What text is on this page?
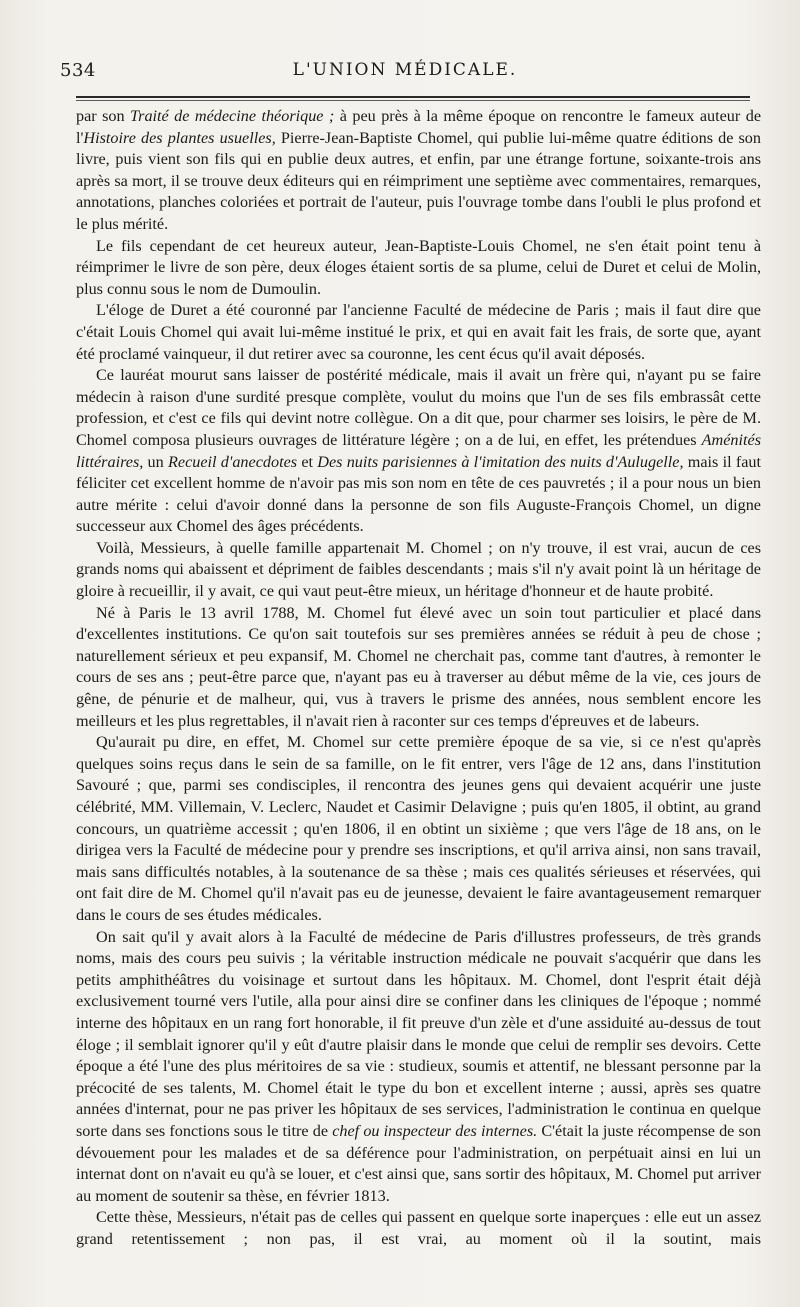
534	L'UNION MÉDICALE.

par son Traité de médecine théorique ; à peu près à la même époque on rencontre le fameux auteur de l'Histoire des plantes usuelles, Pierre-Jean-Baptiste Chomel, qui publie lui-même quatre éditions de son livre, puis vient son fils qui en publie deux autres, et enfin, par une étrange fortune, soixante-trois ans après sa mort, il se trouve deux éditeurs qui en réimpriment une septième avec commentaires, remarques, annotations, planches coloriées et portrait de l'auteur, puis l'ouvrage tombe dans l'oubli le plus profond et le plus mérité.

Le fils cependant de cet heureux auteur, Jean-Baptiste-Louis Chomel, ne s'en était point tenu à réimprimer le livre de son père, deux éloges étaient sortis de sa plume, celui de Duret et celui de Molin, plus connu sous le nom de Dumoulin.

L'éloge de Duret a été couronné par l'ancienne Faculté de médecine de Paris ; mais il faut dire que c'était Louis Chomel qui avait lui-même institué le prix, et qui en avait fait les frais, de sorte que, ayant été proclamé vainqueur, il dut retirer avec sa couronne, les cent écus qu'il avait déposés.

Ce lauréat mourut sans laisser de postérité médicale, mais il avait un frère qui, n'ayant pu se faire médecin à raison d'une surdité presque complète, voulut du moins que l'un de ses fils embrassât cette profession, et c'est ce fils qui devint notre collègue. On a dit que, pour charmer ses loisirs, le père de M. Chomel composa plusieurs ouvrages de littérature légère ; on a de lui, en effet, les prétendues Aménités littéraires, un Recueil d'anecdotes et Des nuits parisiennes à l'imitation des nuits d'Aulugelle, mais il faut féliciter cet excellent homme de n'avoir pas mis son nom en tête de ces pauvretés ; il a pour nous un bien autre mérite : celui d'avoir donné dans la personne de son fils Auguste-François Chomel, un digne successeur aux Chomel des âges précédents.

Voilà, Messieurs, à quelle famille appartenait M. Chomel ; on n'y trouve, il est vrai, aucun de ces grands noms qui abaissent et dépriment de faibles descendants ; mais s'il n'y avait point là un héritage de gloire à recueillir, il y avait, ce qui vaut peut-être mieux, un héritage d'honneur et de haute probité.

Né à Paris le 13 avril 1788, M. Chomel fut élevé avec un soin tout particulier et placé dans d'excellentes institutions. Ce qu'on sait toutefois sur ses premières années se réduit à peu de chose ; naturellement sérieux et peu expansif, M. Chomel ne cherchait pas, comme tant d'autres, à remonter le cours de ses ans ; peut-être parce que, n'ayant pas eu à traverser au début même de la vie, ces jours de gêne, de pénurie et de malheur, qui, vus à travers le prisme des années, nous semblent encore les meilleurs et les plus regrettables, il n'avait rien à raconter sur ces temps d'épreuves et de labeurs.

Qu'aurait pu dire, en effet, M. Chomel sur cette première époque de sa vie, si ce n'est qu'après quelques soins reçus dans le sein de sa famille, on le fit entrer, vers l'âge de 12 ans, dans l'institution Savouré ; que, parmi ses condisciples, il rencontra des jeunes gens qui devaient acquérir une juste célébrité, MM. Villemain, V. Leclerc, Naudet et Casimir Delavigne ; puis qu'en 1805, il obtint, au grand concours, un quatrième accessit ; qu'en 1806, il en obtint un sixième ; que vers l'âge de 18 ans, on le dirigea vers la Faculté de médecine pour y prendre ses inscriptions, et qu'il arriva ainsi, non sans travail, mais sans difficultés notables, à la soutenance de sa thèse ; mais ces qualités sérieuses et réservées, qui ont fait dire de M. Chomel qu'il n'avait pas eu de jeunesse, devaient le faire avantageusement remarquer dans le cours de ses études médicales.

On sait qu'il y avait alors à la Faculté de médecine de Paris d'illustres professeurs, de très grands noms, mais des cours peu suivis ; la véritable instruction médicale ne pouvait s'acquérir que dans les petits amphithéâtres du voisinage et surtout dans les hôpitaux. M. Chomel, dont l'esprit était déjà exclusivement tourné vers l'utile, alla pour ainsi dire se confiner dans les cliniques de l'époque ; nommé interne des hôpitaux en un rang fort honorable, il fit preuve d'un zèle et d'une assiduité au-dessus de tout éloge ; il semblait ignorer qu'il y eût d'autre plaisir dans le monde que celui de remplir ses devoirs. Cette époque a été l'une des plus méritoires de sa vie : studieux, soumis et attentif, ne blessant personne par la précocité de ses talents, M. Chomel était le type du bon et excellent interne ; aussi, après ses quatre années d'internat, pour ne pas priver les hôpitaux de ses services, l'administration le continua en quelque sorte dans ses fonctions sous le titre de chef ou inspecteur des internes. C'était la juste récompense de son dévouement pour les malades et de sa déférence pour l'administration, on perpétuait ainsi en lui un internat dont on n'avait eu qu'à se louer, et c'est ainsi que, sans sortir des hôpitaux, M. Chomel put arriver au moment de soutenir sa thèse, en février 1813.

Cette thèse, Messieurs, n'était pas de celles qui passent en quelque sorte inaperçues : elle eut un assez grand retentissement ; non pas, il est vrai, au moment où il la soutint, mais
